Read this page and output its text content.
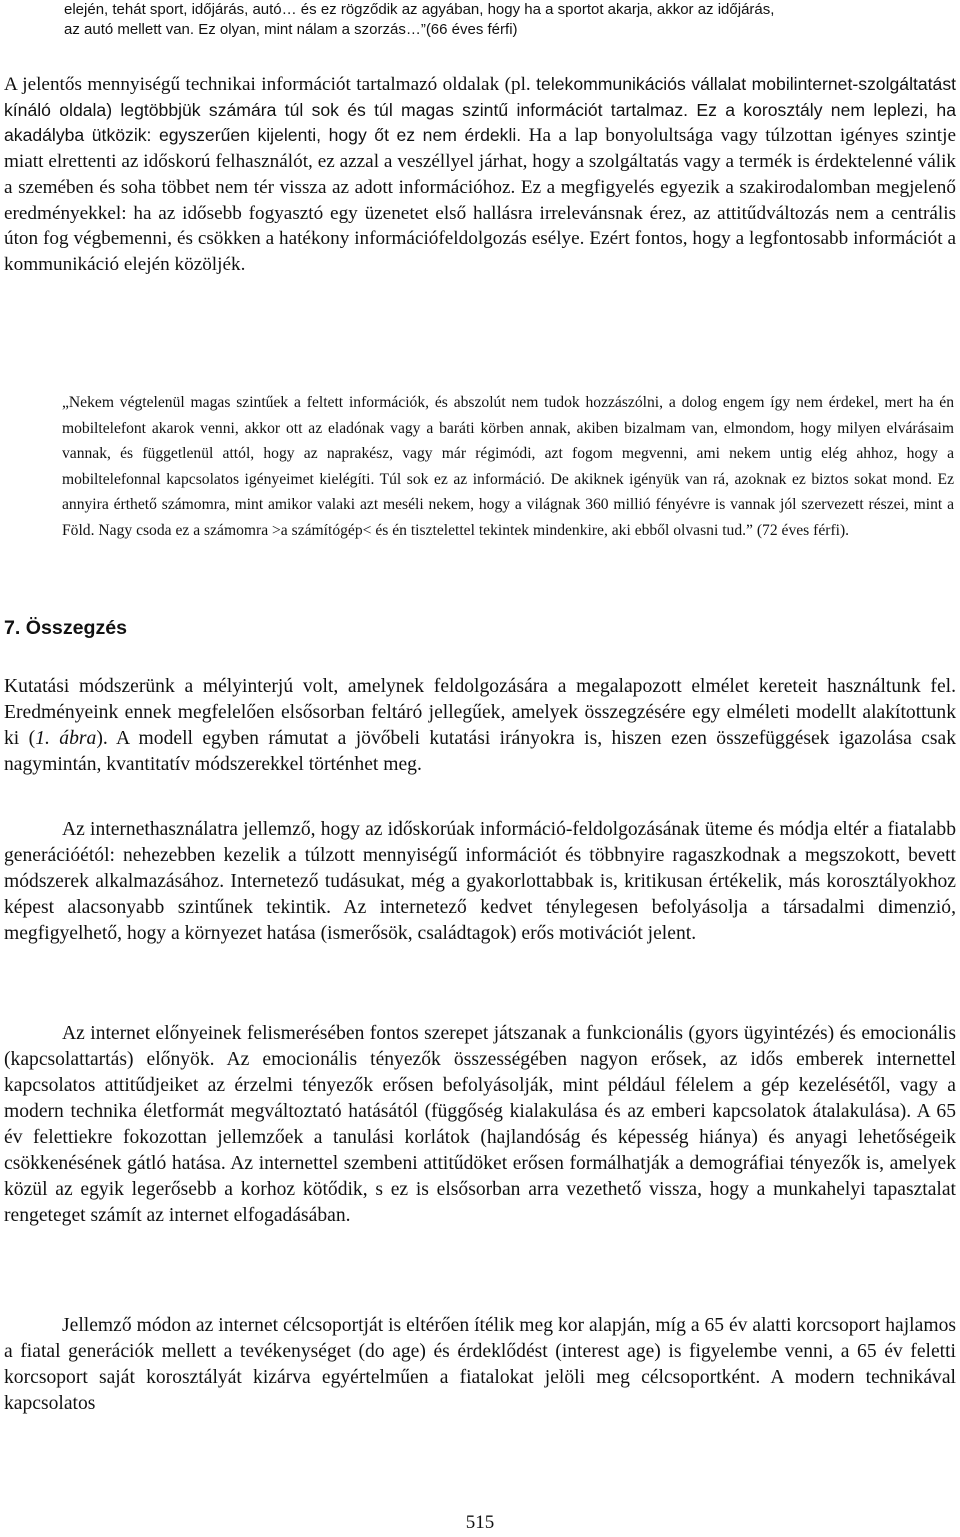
elején, tehát sport, időjárás, autó… és ez rögződik az agyában, hogy ha a sportot akarja, akkor az időjárás,
az autó mellett van. Ez olyan, mint nálam a szorzás…”(66 éves férfi)

A jelentős mennyiségű technikai információt tartalmazó oldalak (pl. telekommunikációs vállalat mobilinternet-szolgáltatást kínáló oldala) legtöbbjük számára túl sok és túl magas szintű információt tartalmaz. Ez a korosztály nem leplezi, ha akadályba ütközik: egyszerűen kijelenti, hogy őt ez nem érdekli. Ha a lap bonyolultsága vagy túlzottan igényes szintje miatt elrettenti az időskorú felhasználót, ez azzal a veszéllyel járhat, hogy a szolgáltatás vagy a termék is érdektelenné válik a szemében és soha többet nem tér vissza az adott információhoz. Ez a megfigyelés egyezik a szakirodalomban megjelenő eredményekkel: ha az idősebb fogyasztó egy üzenetet első hallásra irrelevánsnak érez, az attitűdváltozás nem a centrális úton fog végbemenni, és csökken a hatékony információfeldolgozás esélye. Ezért fontos, hogy a legfontosabb információt a kommunikáció elején közöljék.

„Nekem végtelenül magas szintűek a feltett információk, és abszolút nem tudok hozzászólni, a dolog engem így nem érdekel, mert ha én mobiltelefont akarok venni, akkor ott az eladónak vagy a baráti körben annak, akiben bizalmam van, elmondom, hogy milyen elvárásaim vannak, és függetlenül attól, hogy az naprakész, vagy már régimódi, azt fogom megvenni, ami nekem untig elég ahhoz, hogy a mobiltelefonnal kapcsolatos igényeimet kielégíti. Túl sok ez az információ. De akiknek igényük van rá, azoknak ez biztos sokat mond. Ez annyira érthető számomra, mint amikor valaki azt meséli nekem, hogy a világnak 360 millió fényévre is vannak jól szervezett részei, mint a Föld. Nagy csoda ez a számomra >a számítógép< és én tisztelettel tekintek mindenkire, aki ebből olvasni tud.” (72 éves férfi).

7. Összegzés

Kutatási módszerünk a mélyinterjú volt, amelynek feldolgozására a megalapozott elmélet kereteit használtunk fel. Eredményeink ennek megfelelően elsősorban feltáró jellegűek, amelyek összegzésére egy elméleti modellt alakítottunk ki (1. ábra). A modell egyben rámutat a jövőbeli kutatási irányokra is, hiszen ezen összefüggések igazolása csak nagymintán, kvantitatív módszerekkel történhet meg.

Az internethasználatra jellemző, hogy az időskorúak információ-feldolgozásának üteme és módja eltér a fiatalabb generációétól: nehezebben kezelik a túlzott mennyiségű információt és többnyire ragaszkodnak a megszokott, bevett módszerek alkalmazásához. Internetező tudásukat, még a gyakorlottabbak is, kritikusan értékelik, más korosztályokhoz képest alacsonyabb szintűnek tekintik. Az internetező kedvet ténylegesen befolyásolja a társadalmi dimenzió, megfigyelhető, hogy a környezet hatása (ismerősök, családtagok) erős motivációt jelent.

Az internet előnyeinek felismerésében fontos szerepet játszanak a funkcionális (gyors ügyintézés) és emocionális (kapcsolattartás) előnyök. Az emocionális tényezők összességében nagyon erősek, az idős emberek internettel kapcsolatos attitűdjeiket az érzelmi tényezők erősen befolyásolják, mint például félelem a gép kezelésétől, vagy a modern technika életformát megváltoztató hatásától (függőség kialakulása és az emberi kapcsolatok átalakulása). A 65 év felettiekre fokozottan jellemzőek a tanulási korlátok (hajlandóság és képesség hiánya) és anyagi lehetőségeik csökkenésének gátló hatása. Az internettel szembeni attitűdöket erősen formálhatják a demográfiai tényezők is, amelyek közül az egyik legerősebb a korhoz kötődik, s ez is elsősorban arra vezethető vissza, hogy a munkahelyi tapasztalat rengeteget számít az internet elfogadásában.

Jellemző módon az internet célcsoportját is eltérően ítélik meg kor alapján, míg a 65 év alatti korcsoport hajlamos a fiatal generációk mellett a tevékenységet (do age) és érdeklődést (interest age) is figyelembe venni, a 65 év feletti korcsoport saját korosztályát kizárva egyértelműen a fiatalokat jelöli meg célcsoportként. A modern technikával kapcsolatos

515
